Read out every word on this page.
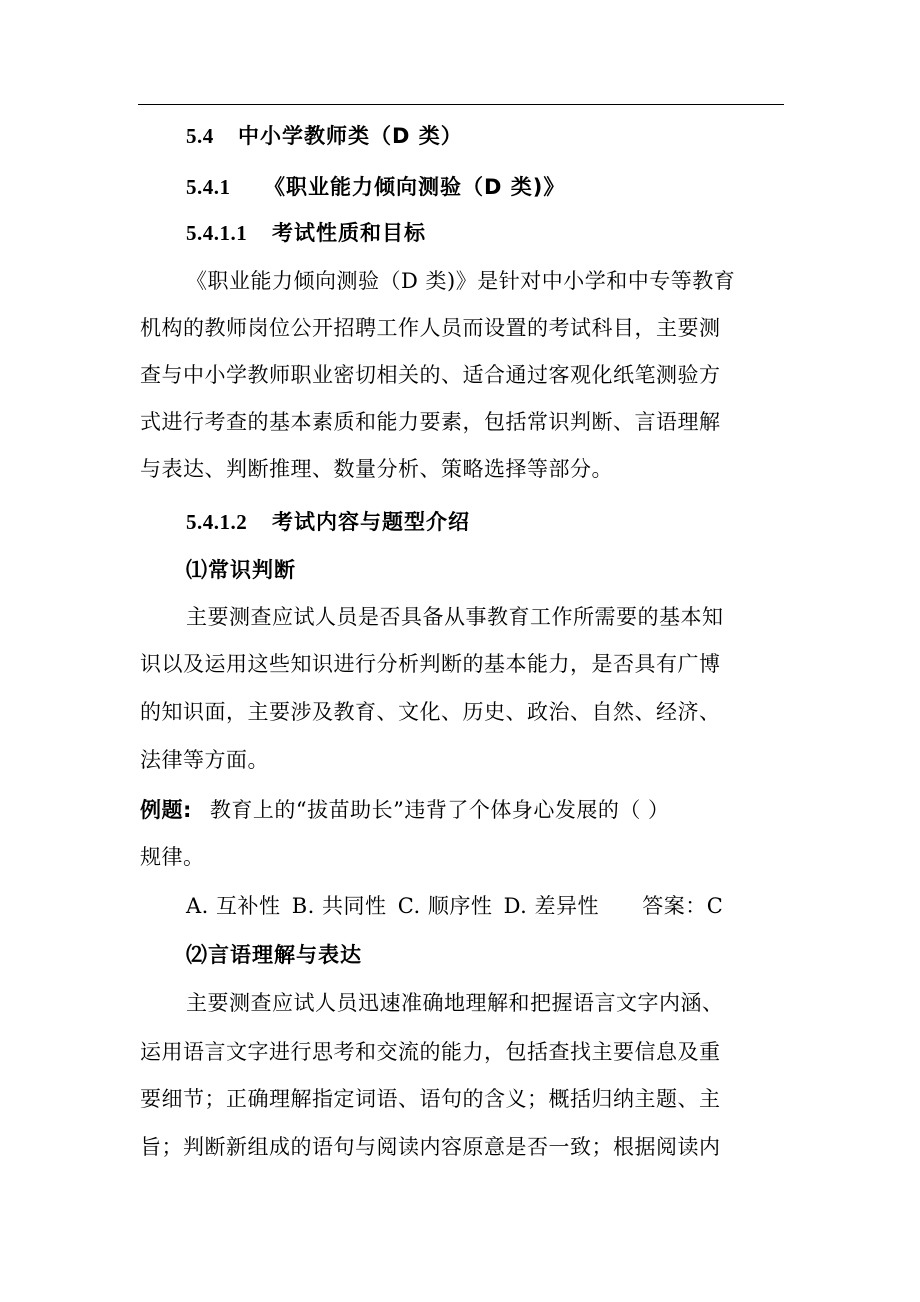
5.4 中小学教师类（D 类）
5.4.1 《职业能力倾向测验（D 类)》
5.4.1.1 考试性质和目标
《职业能力倾向测验（D 类)》是针对中小学和中专等教育
机构的教师岗位公开招聘工作人员而设置的考试科目，主要测
查与中小学教师职业密切相关的、适合通过客观化纸笔测验方
式进行考查的基本素质和能力要素，包括常识判断、言语理解
与表达、判断推理、数量分析、策略选择等部分。
5.4.1.2 考试内容与题型介绍
⑴常识判断
主要测查应试人员是否具备从事教育工作所需要的基本知
识以及运用这些知识进行分析判断的基本能力，是否具有广博
的知识面，主要涉及教育、文化、历史、政治、自然、经济、
法律等方面。
例题: 教育上的“拔苗助长”违背了个体身心发展的（ ）
规律。
A. 互补性 B. 共同性 C. 顺序性 D. 差异性 答案：C
⑵言语理解与表达
主要测查应试人员迅速准确地理解和把握语言文字内涵、
运用语言文字进行思考和交流的能力，包括查找主要信息及重
要细节；正确理解指定词语、语句的含义；概括归纳主题、主
旨；判断新组成的语句与阅读内容原意是否一致；根据阅读内
